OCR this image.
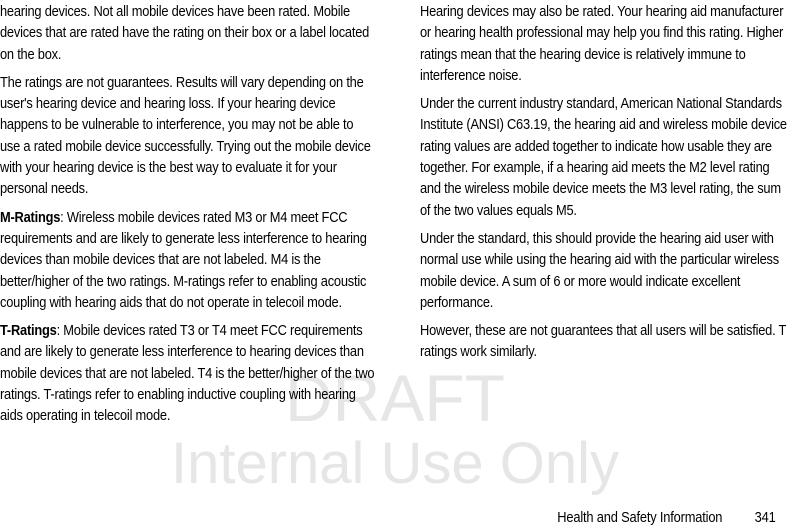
DRAFT
Internal Use Only

hearing devices. Not all mobile devices have been rated. Mobile devices that are rated have the rating on their box or a label located on the box.

The ratings are not guarantees. Results will vary depending on the user's hearing device and hearing loss. If your hearing device happens to be vulnerable to interference, you may not be able to use a rated mobile device successfully. Trying out the mobile device with your hearing device is the best way to evaluate it for your personal needs.

M-Ratings: Wireless mobile devices rated M3 or M4 meet FCC requirements and are likely to generate less interference to hearing devices than mobile devices that are not labeled. M4 is the better/higher of the two ratings. M-ratings refer to enabling acoustic coupling with hearing aids that do not operate in telecoil mode.

T-Ratings: Mobile devices rated T3 or T4 meet FCC requirements and are likely to generate less interference to hearing devices than mobile devices that are not labeled. T4 is the better/higher of the two ratings. T-ratings refer to enabling inductive coupling with hearing aids operating in telecoil mode.

Hearing devices may also be rated. Your hearing aid manufacturer or hearing health professional may help you find this rating. Higher ratings mean that the hearing device is relatively immune to interference noise.

Under the current industry standard, American National Standards Institute (ANSI) C63.19, the hearing aid and wireless mobile device rating values are added together to indicate how usable they are together. For example, if a hearing aid meets the M2 level rating and the wireless mobile device meets the M3 level rating, the sum of the two values equals M5.

Under the standard, this should provide the hearing aid user with normal use while using the hearing aid with the particular wireless mobile device. A sum of 6 or more would indicate excellent performance.

However, these are not guarantees that all users will be satisfied. T ratings work similarly.

Health and Safety Information 341
